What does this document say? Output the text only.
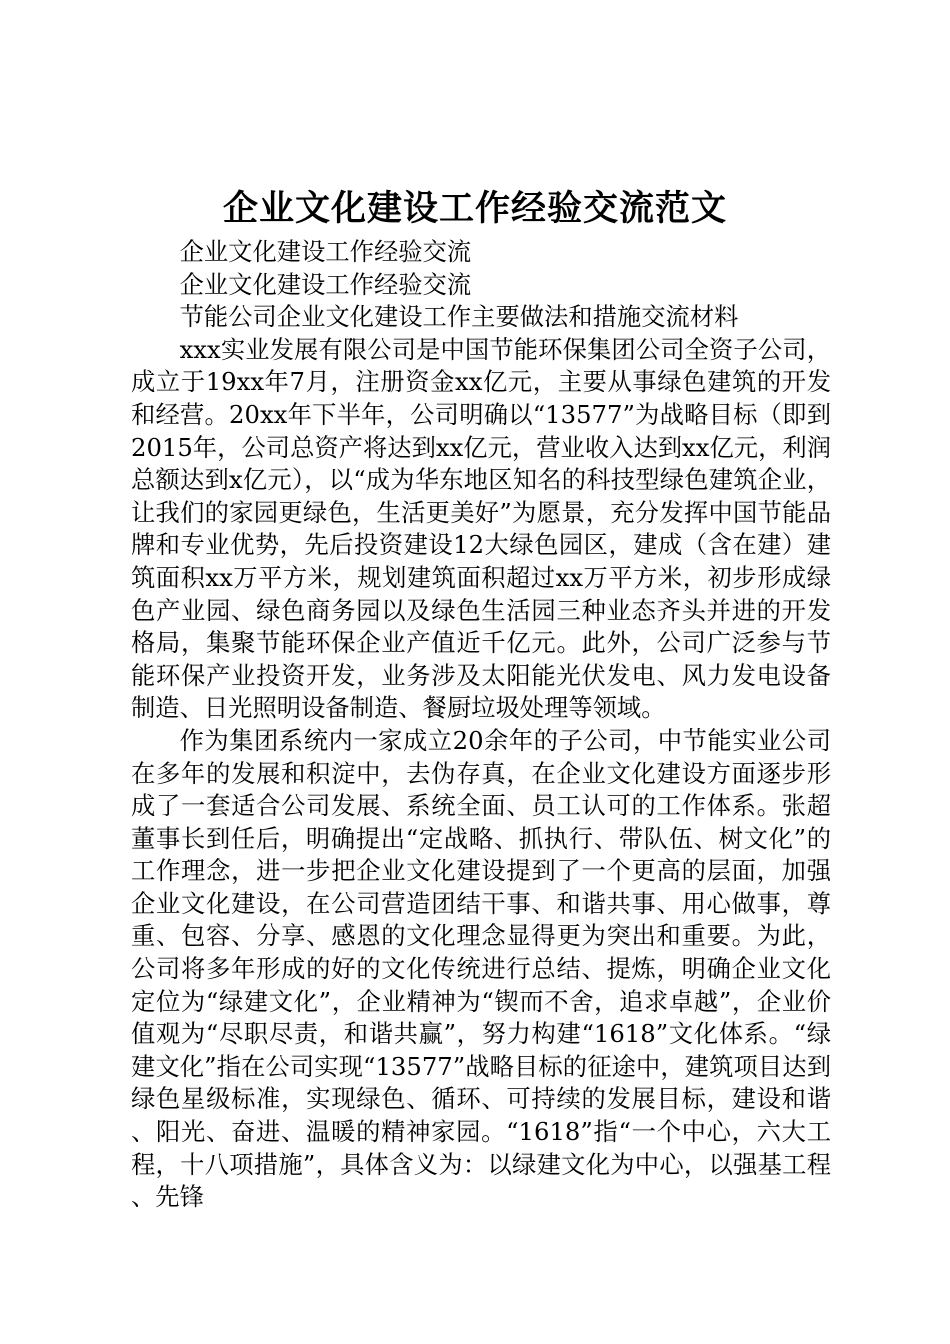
企业文化建设工作经验交流范文

企业文化建设工作经验交流

企业文化建设工作经验交流

节能公司企业文化建设工作主要做法和措施交流材料

xxx实业发展有限公司是中国节能环保集团公司全资子公司，成立于19xx年7月，注册资金xx亿元，主要从事绿色建筑的开发和经营。20xx年下半年，公司明确以“13577”为战略目标（即到2015年，公司总资产将达到xx亿元，营业收入达到xx亿元，利润总额达到x亿元），以“成为华东地区知名的科技型绿色建筑企业，让我们的家园更绿色，生活更美好”为愿景，充分发挥中国节能品牌和专业优势，先后投资建设12大绿色园区，建成（含在建）建筑面积xx万平方米，规划建筑面积超过xx万平方米，初步形成绿色产业园、绿色商务园以及绿色生活园三种业态齐头并进的开发格局，集聚节能环保企业产值近千亿元。此外，公司广泛参与节能环保产业投资开发，业务涉及太阳能光伏发电、风力发电设备制造、日光照明设备制造、餐厨垃圾处理等领域。

作为集团系统内一家成立20余年的子公司，中节能实业公司在多年的发展和积淀中，去伪存真，在企业文化建设方面逐步形成了一套适合公司发展、系统全面、员工认可的工作体系。张超董事长到任后，明确提出“定战略、抓执行、带队伍、树文化”的工作理念，进一步把企业文化建设提到了一个更高的层面，加强企业文化建设，在公司营造团结干事、和谐共事、用心做事，尊重、包容、分享、感恩的文化理念显得更为突出和重要。为此，公司将多年形成的好的文化传统进行总结、提炼，明确企业文化定位为“绿建文化”，企业精神为“锲而不舍，追求卓越”，企业价值观为“尽职尽责，和谐共赢”，努力构建“1618”文化体系。“绿建文化”指在公司实现“13577”战略目标的征途中，建筑项目达到绿色星级标准，实现绿色、循环、可持续的发展目标，建设和谐、阳光、奋进、温暖的精神家园。“1618”指“一个中心，六大工程，十八项措施”，具体含义为：以绿建文化为中心，以强基工程、先锋
